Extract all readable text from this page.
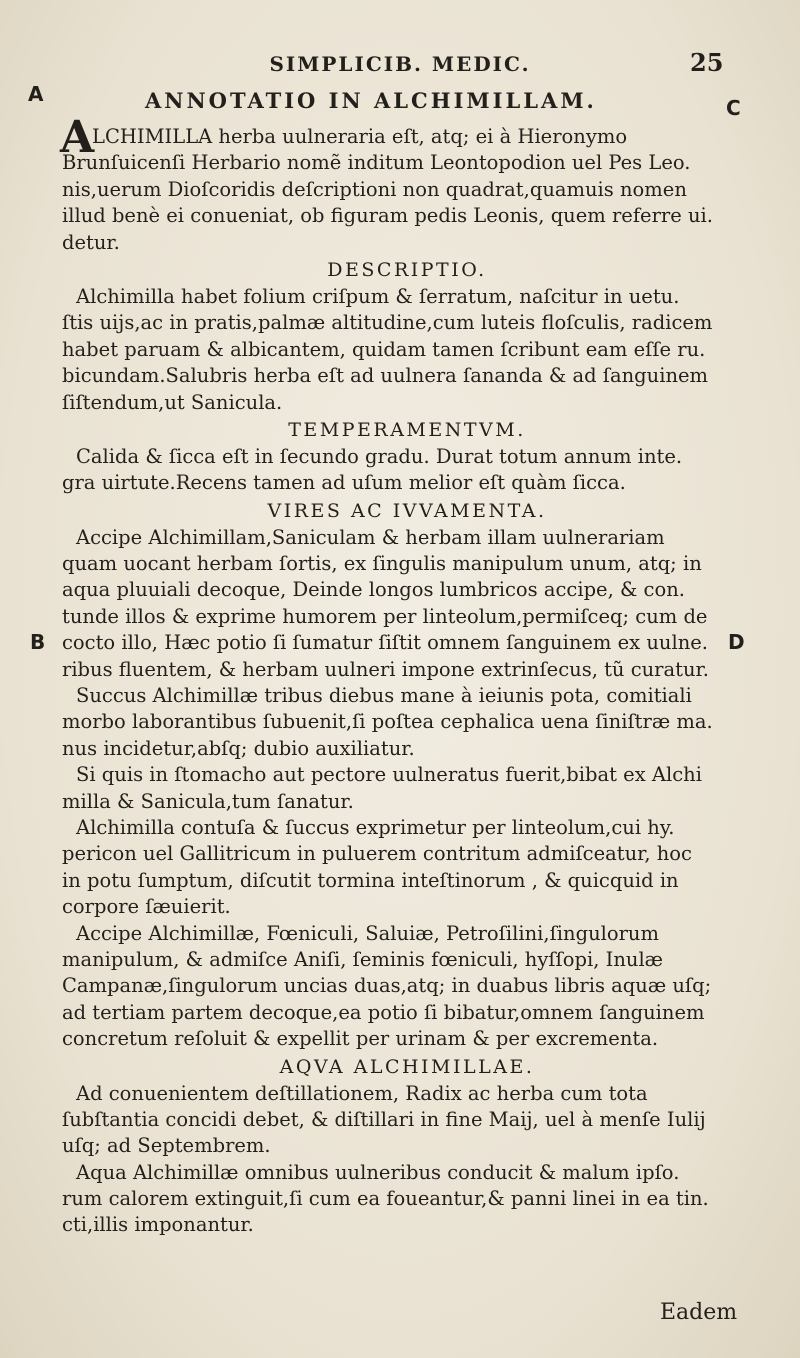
SIMPLICIB. MEDIC.	25
A
C
B	D
ANNOTATIO IN ALCHIMILLAM.
A
LCHIMILLA herba uulneraria eſt, atq; ei à Hieronymo
Brunſuicenſi Herbario nomẽ inditum Leontopodion uel Pes Leo.
nis,uerum Dioſcoridis deſcriptioni non quadrat,quamuis nomen
illud benè ei conueniat, ob figuram pedis Leonis, quem referre ui.
detur.
DESCRIPTIO.
Alchimilla habet folium criſpum & ſerratum, naſcitur in uetu.
ſtis uijs,ac in pratis,palmæ altitudine,cum luteis floſculis, radicem
habet paruam & albicantem, quidam tamen ſcribunt eam eſſe ru.
bicundam.Salubris herba eſt ad uulnera ſananda & ad ſanguinem
ſiſtendum,ut Sanicula.
TEMPERAMENTVM.
Calida & ſicca eſt in ſecundo gradu. Durat totum annum inte.
gra uirtute.Recens tamen ad uſum melior eſt quàm ſicca.
VIRES AC IVVAMENTA.
Accipe Alchimillam,Saniculam & herbam illam uulnerariam
quam uocant herbam ſortis, ex ſingulis manipulum unum, atq; in
aqua pluuiali decoque, Deinde longos lumbricos accipe, & con.
tunde illos & exprime humorem per linteolum,permiſceq; cum de
cocto illo, Hæc potio ſi ſumatur ſiſtit omnem ſanguinem ex uulne.
ribus fluentem, & herbam uulneri impone extrinſecus, tũ curatur.
Succus Alchimillæ tribus diebus mane à ieiunis pota, comitiali
morbo laborantibus ſubuenit,ſi poſtea cephalica uena ſiniſtræ ma.
nus incidetur,abſq; dubio auxiliatur.
Si quis in ſtomacho aut pectore uulneratus fuerit,bibat ex Alchi
milla & Sanicula,tum ſanatur.
Alchimilla contuſa & ſuccus exprimetur per linteolum,cui hy.
pericon uel Gallitricum in puluerem contritum admiſceatur, hoc
in potu ſumptum, diſcutit tormina inteſtinorum , & quicquid in
corpore ſæuierit.
Accipe Alchimillæ, Fœniculi, Saluiæ, Petroſilini,ſingulorum
manipulum, & admiſce Aniſi, ſeminis fœniculi, hyſſopi, Inulæ
Campanæ,ſingulorum uncias duas,atq; in duabus libris aquæ uſq;
ad tertiam partem decoque,ea potio ſi bibatur,omnem ſanguinem
concretum reſoluit & expellit per urinam & per excrementa.
AQVA ALCHIMILLAE.
Ad conuenientem deſtillationem, Radix ac herba cum tota
ſubſtantia concidi debet, & diſtillari in fine Maij, uel à menſe Iulij
uſq; ad Septembrem.
Aqua Alchimillæ omnibus uulneribus conducit & malum ipſo.
rum calorem extinguit,ſi cum ea foueantur,& panni linei in ea tin.
cti,illis imponantur.
Eadem
